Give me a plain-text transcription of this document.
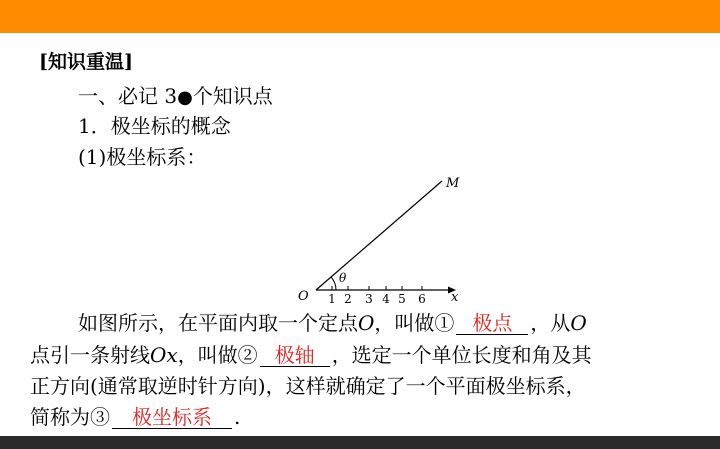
[知识重温]
一、必记 3●个知识点
1．极坐标的概念
(1)极坐标系：
O
M
θ
x
1 2 3 4 5 6
如图所示，在平面内取一个定点O，叫做① 极点 ，从O
点引一条射线Ox，叫做② 极轴 ，选定一个单位长度和角及其
正方向(通常取逆时针方向)，这样就确定了一个平面极坐标系，
简称为③ 极坐标系 .
